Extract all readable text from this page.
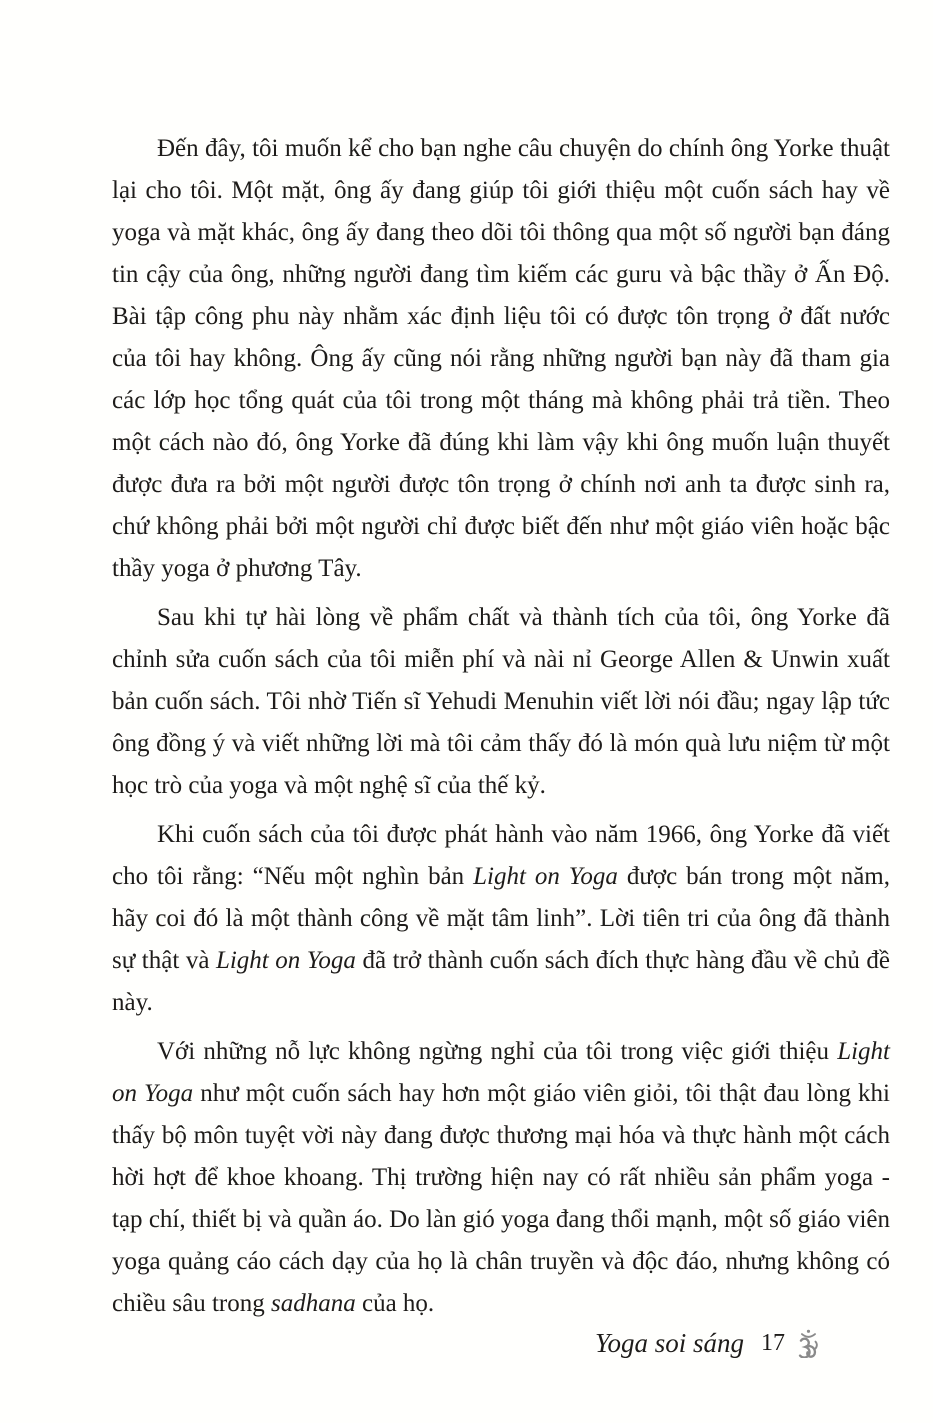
Đến đây, tôi muốn kể cho bạn nghe câu chuyện do chính ông Yorke thuật lại cho tôi. Một mặt, ông ấy đang giúp tôi giới thiệu một cuốn sách hay về yoga và mặt khác, ông ấy đang theo dõi tôi thông qua một số người bạn đáng tin cậy của ông, những người đang tìm kiếm các guru và bậc thầy ở Ấn Độ. Bài tập công phu này nhằm xác định liệu tôi có được tôn trọng ở đất nước của tôi hay không. Ông ấy cũng nói rằng những người bạn này đã tham gia các lớp học tổng quát của tôi trong một tháng mà không phải trả tiền. Theo một cách nào đó, ông Yorke đã đúng khi làm vậy khi ông muốn luận thuyết được đưa ra bởi một người được tôn trọng ở chính nơi anh ta được sinh ra, chứ không phải bởi một người chỉ được biết đến như một giáo viên hoặc bậc thầy yoga ở phương Tây.

Sau khi tự hài lòng về phẩm chất và thành tích của tôi, ông Yorke đã chỉnh sửa cuốn sách của tôi miễn phí và nài nỉ George Allen & Unwin xuất bản cuốn sách. Tôi nhờ Tiến sĩ Yehudi Menuhin viết lời nói đầu; ngay lập tức ông đồng ý và viết những lời mà tôi cảm thấy đó là món quà lưu niệm từ một học trò của yoga và một nghệ sĩ của thế kỷ.

Khi cuốn sách của tôi được phát hành vào năm 1966, ông Yorke đã viết cho tôi rằng: “Nếu một nghìn bản Light on Yoga được bán trong một năm, hãy coi đó là một thành công về mặt tâm linh”. Lời tiên tri của ông đã thành sự thật và Light on Yoga đã trở thành cuốn sách đích thực hàng đầu về chủ đề này.

Với những nỗ lực không ngừng nghỉ của tôi trong việc giới thiệu Light on Yoga như một cuốn sách hay hơn một giáo viên giỏi, tôi thật đau lòng khi thấy bộ môn tuyệt vời này đang được thương mại hóa và thực hành một cách hời hợt để khoe khoang. Thị trường hiện nay có rất nhiều sản phẩm yoga - tạp chí, thiết bị và quần áo. Do làn gió yoga đang thổi mạnh, một số giáo viên yoga quảng cáo cách dạy của họ là chân truyền và độc đáo, nhưng không có chiều sâu trong sadhana của họ.

Yoga soi sáng 17
